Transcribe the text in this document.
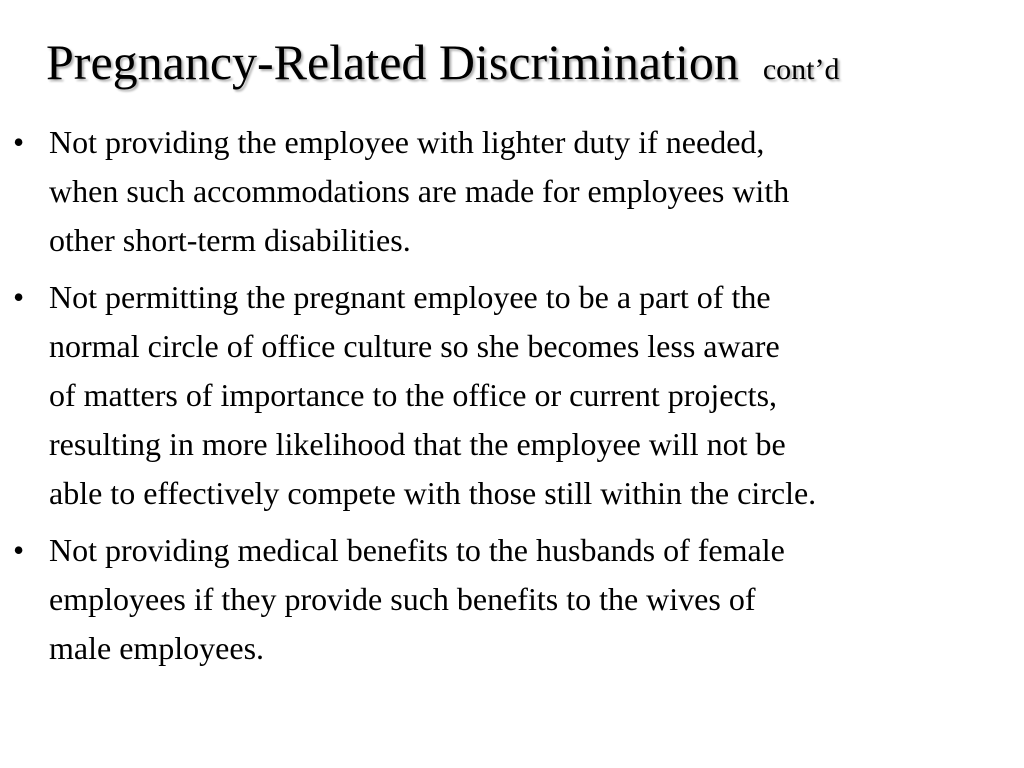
Pregnancy-Related Discrimination cont’d
• Not providing the employee with lighter duty if needed,
when such accommodations are made for employees with
other short-term disabilities.
• Not permitting the pregnant employee to be a part of the
normal circle of office culture so she becomes less aware
of matters of importance to the office or current projects,
resulting in more likelihood that the employee will not be
able to effectively compete with those still within the circle.
• Not providing medical benefits to the husbands of female
employees if they provide such benefits to the wives of
male employees.
